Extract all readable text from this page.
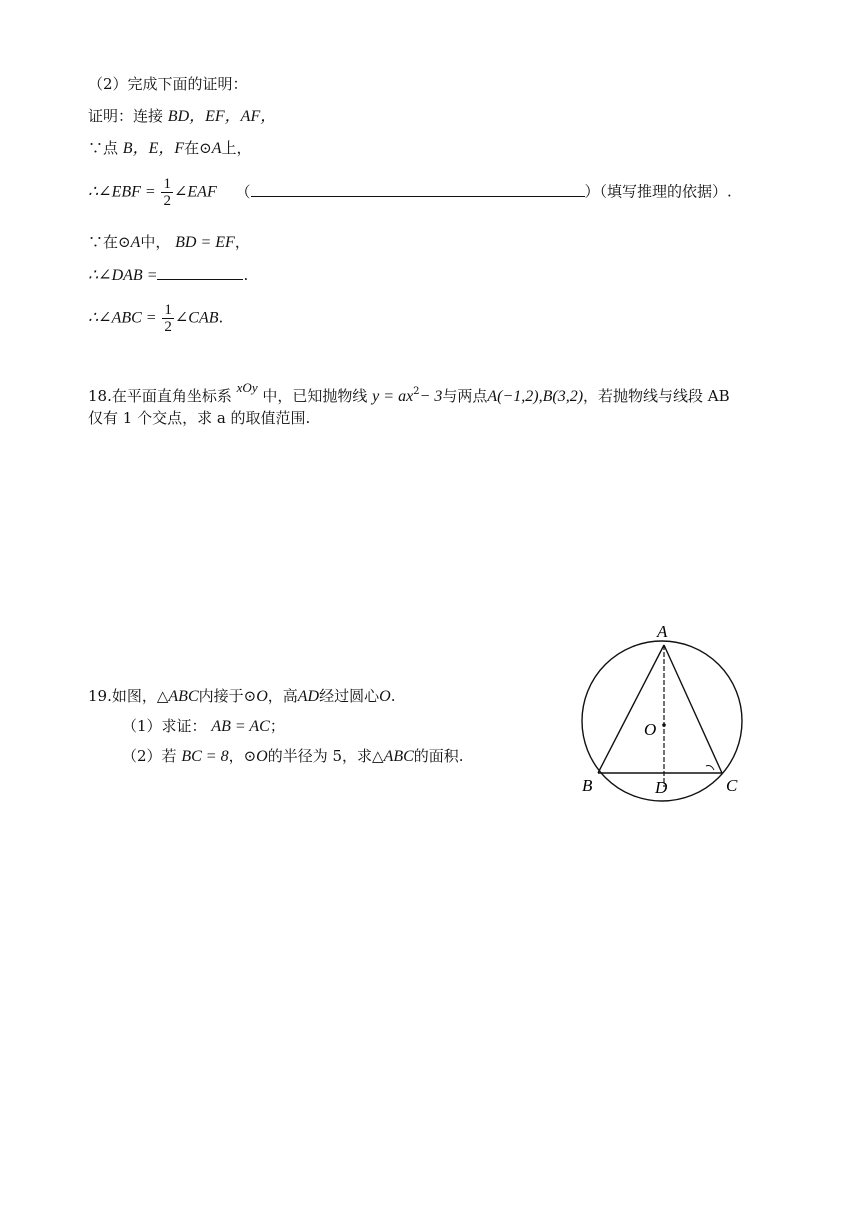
（2）完成下面的证明：
证明：连接 BD，EF，AF，
∵点 B，E，F在⊙A上，
∴∠EBF = $\frac{1}{2}$ ∠EAF （	）（填写推理的依据）.
∵在⊙A中， BD = EF，
∴∠DAB =	.
∴∠ABC = $\frac{1}{2}$ ∠CAB.
18.在平面直角坐标系 xOy 中，已知抛物线 $y = ax^2- 3$与两点A(−1,2),B(3,2)，若抛物线与线段 AB
仅有 1 个交点，求 a 的取值范围.
19.如图，△ABC内接于⊙O，高AD经过圆心O.
（1）求证： AB = AC；
（2）若 BC = 8，⊙O的半径为 5，求△ABC的面积.
A
O
B	D	C
